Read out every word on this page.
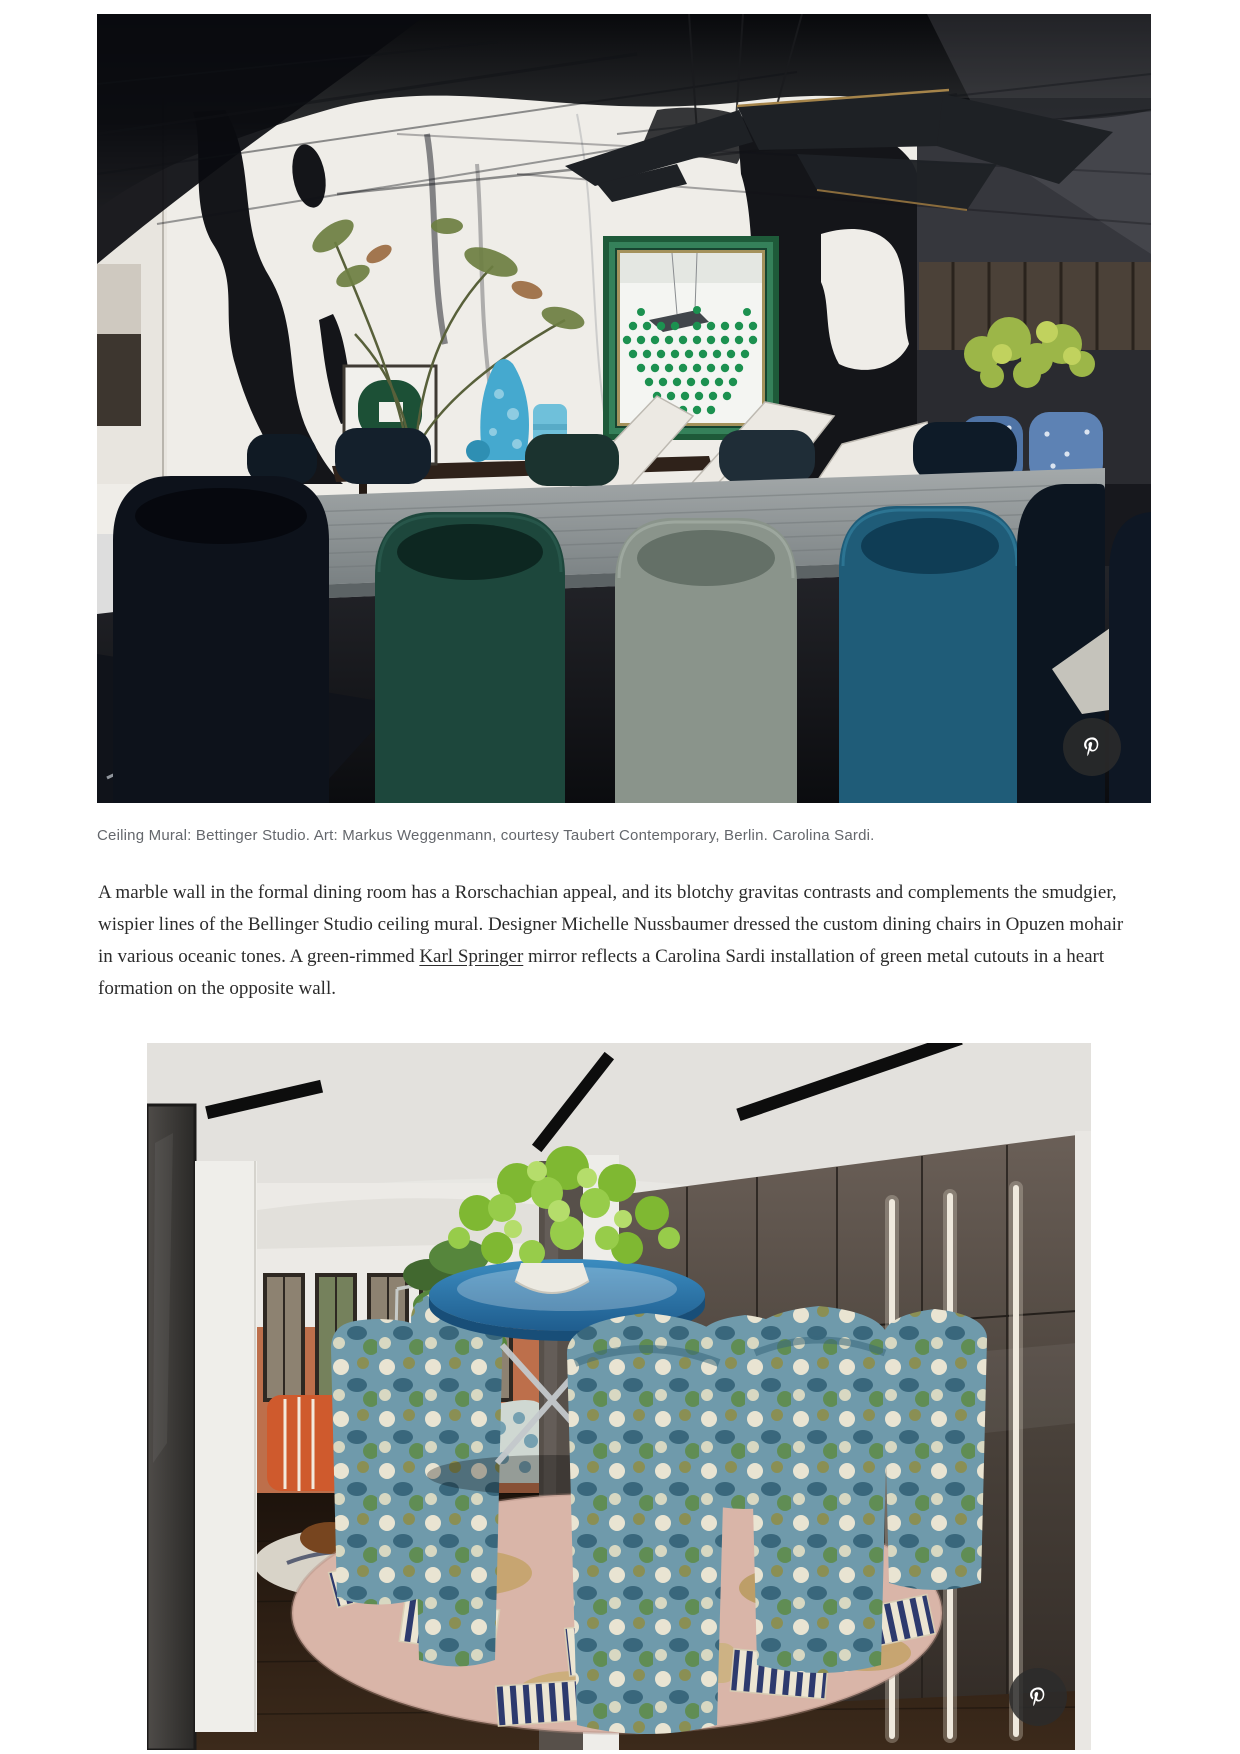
Ceiling Mural: Bettinger Studio. Art: Markus Weggenmann, courtesy Taubert Contemporary, Berlin. Carolina Sardi.

A marble wall in the formal dining room has a Rorschachian appeal, and its blotchy gravitas contrasts and complements the smudgier, wispier lines of the Bellinger Studio ceiling mural. Designer Michelle Nussbaumer dressed the custom dining chairs in Opuzen mohair in various oceanic tones. A green-rimmed Karl Springer mirror reflects a Carolina Sardi installation of green metal cutouts in a heart formation on the opposite wall.
